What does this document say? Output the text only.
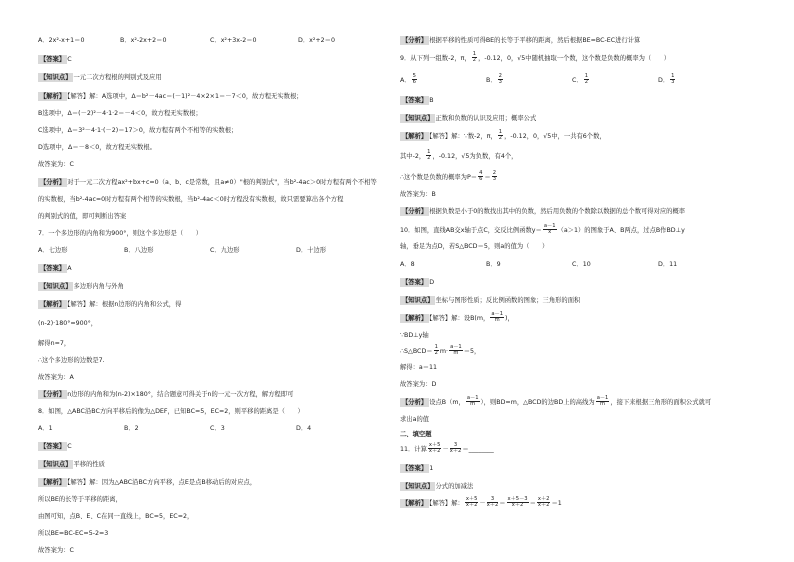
A．2x²-x+1＝0	B．x²-2x+2＝0	C．x²+3x-2＝0	D．x²+2＝0
【答案】 C
【知识点】 一元二次方程根的判别式及应用
【解析】 【解答】解：A选项中，Δ＝b²－4ac＝(－1)²－4×2×1＝－7＜0，故方程无实数根；
B选项中，Δ＝(－2)²－4·1·2＝－4＜0，故方程无实数根；
C选项中，Δ＝3²－4·1·(－2)＝17＞0，故方程有两个不相等的实数根；
D选项中，Δ＝－8＜0，故方程无实数根。
故答案为：C
【分析】 对于一元二次方程ax²+bx+c=0（a、b、c是常数，且a≠0）"根的判别式"，当b²-4ac＞0时方程有两个不相等
的实数根，当b²-4ac=0时方程有两个相等的实数根，当b²-4ac＜0时方程没有实数根，故只需要算出各个方程
的判别式的值，即可判断出答案
7．一个多边形的内角和为900°，则这个多边形是（　　）
A．七边形	B．八边形	C．九边形	D．十边形
【答案】 A
【知识点】 多边形内角与外角
【解析】 【解答】解：根据n边形的内角和公式，得
(n-2)·180°=900°，
解得n=7，
∴这个多边形的边数是7.
故答案为：A
【分析】 n边形的内角和为(n-2)×180°，结合题意可得关于n的一元一次方程，解方程即可
8．如图，△ABC沿BC方向平移后的像为△DEF，已知BC=5，EC=2，则平移的距离是（　　）
A．1	B．2	C．3	D．4
【答案】 C
【知识点】 平移的性质
【解析】 【解答】解：因为△ABC沿BC方向平移，点E是点B移动后的对应点，
所以BE的长等于平移的距离，
由图可知，点B、E、C在同一直线上，BC=5，EC=2，
所以BE=BC-EC=5-2=3
故答案为：C
【分析】 根据平移的性质可得BE的长等于平移的距离，然后根据BE=BC-EC进行计算
9．从下列一组数-2，π， $\frac{1}{2}$ ，-0.12，0，√5中随机抽取一个数，这个数是负数的概率为（　　）
A． $\frac{5}{6}$	B． $\frac{2}{3}$	C． $\frac{1}{2}$	D． $\frac{1}{3}$
【答案】 B
【知识点】 正数和负数的认识及应用；概率公式
【解析】 【解答】解：∵数-2，π， $\frac{1}{2}$ ，-0.12，0，√5中，一共有6个数，
其中-2， $\frac{1}{2}$ ，-0.12，√5为负数，有4个，
∴这个数是负数的概率为$P= \frac{4}{6} = \frac{2}{3}$
故答案为：B
【分析】 根据负数是小于0的数找出其中的负数，然后用负数的个数除以数据的总个数可得对应的概率
10．如图，直线AB交x轴于点C，交反比例函数$y= \frac{a-1}{x} (a>1)$的图象于A、B两点，过点B作BD⊥y
轴，垂足为点D，若S△BCD＝5，则a的值为（　　）
A．8	B．9	C．10	D．11
【答案】 D
【知识点】 坐标与图形性质；反比例函数的图象；三角形的面积
【解析】 【解答】解：设B(m， $\frac{a-1}{m}$ )，
∵BD⊥y轴
∴S△BCD＝ $\frac{1}{2} m\cdot \frac{a-1}{m} =5$，
解得：a＝11
故答案为：D
【分析】 设点B（m， $\frac{a-1}{m}$ ），则BD=m，△BCD的边BD上的高线为 $\frac{a-1}{m}$ ，接下来根据三角形的面积公式就可
求出a的值
二、填空题
11．计算 $\frac{x+5}{x+2} - \frac{3}{x+2}$ ＝________
【答案】 1
【知识点】 分式的加减法
【解析】 【解答】解： $\frac{x+5}{x+2} - \frac{3}{x+2} = \frac{x+5-3}{x+2} = \frac{x+2}{x+2} =1$
